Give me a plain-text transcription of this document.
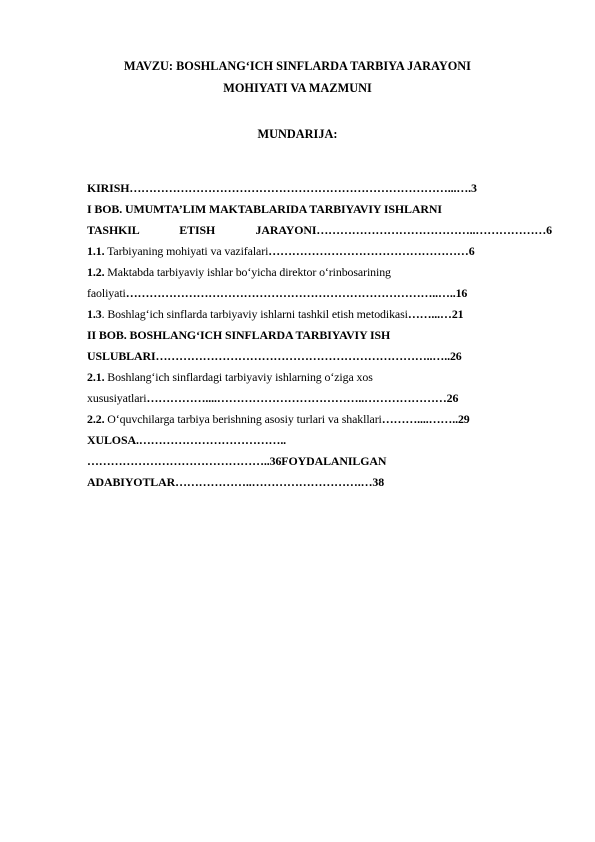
MAVZU: BOSHLANG‘ICH SINFLARDA TARBIYA JARAYONI
MOHIYATI VA MAZMUNI
MUNDARIJA:
KIRISH………………………………………………………………………...….3
I BOB. UMUMTA’LIM MAKTABLARIDA TARBIYAVIY ISHLARNI
TASHKIL ETISH JARAYONI…………………………………..………………6
1.1. Tarbiyaning mohiyati va vazifalari……………………………………………6
1.2. Maktabda tarbiyaviy ishlar bo‘yicha direktor o‘rinbosarining
faoliyati……………………………………………………………………..…..16
1.3. Boshlag‘ich sinflarda tarbiyaviy ishlarni tashkil etish metodikasi……...…21
II BOB. BOSHLANG‘ICH SINFLARDA TARBIYAVIY ISH
USLUBLARI……………………………………………………………..…..26
2.1. Boshlang‘ich sinflardagi tarbiyaviy ishlarning o‘ziga xos
xususiyatlari……………....………………………………..…………………26
2.2. O‘quvchilarga tarbiya berishning asosiy turlari va shakllari………....……..29
XULOSA.………………………………..
………………………………………..36FOYDALANILGAN
ADABIYOTLAR………………..……………………….…38
